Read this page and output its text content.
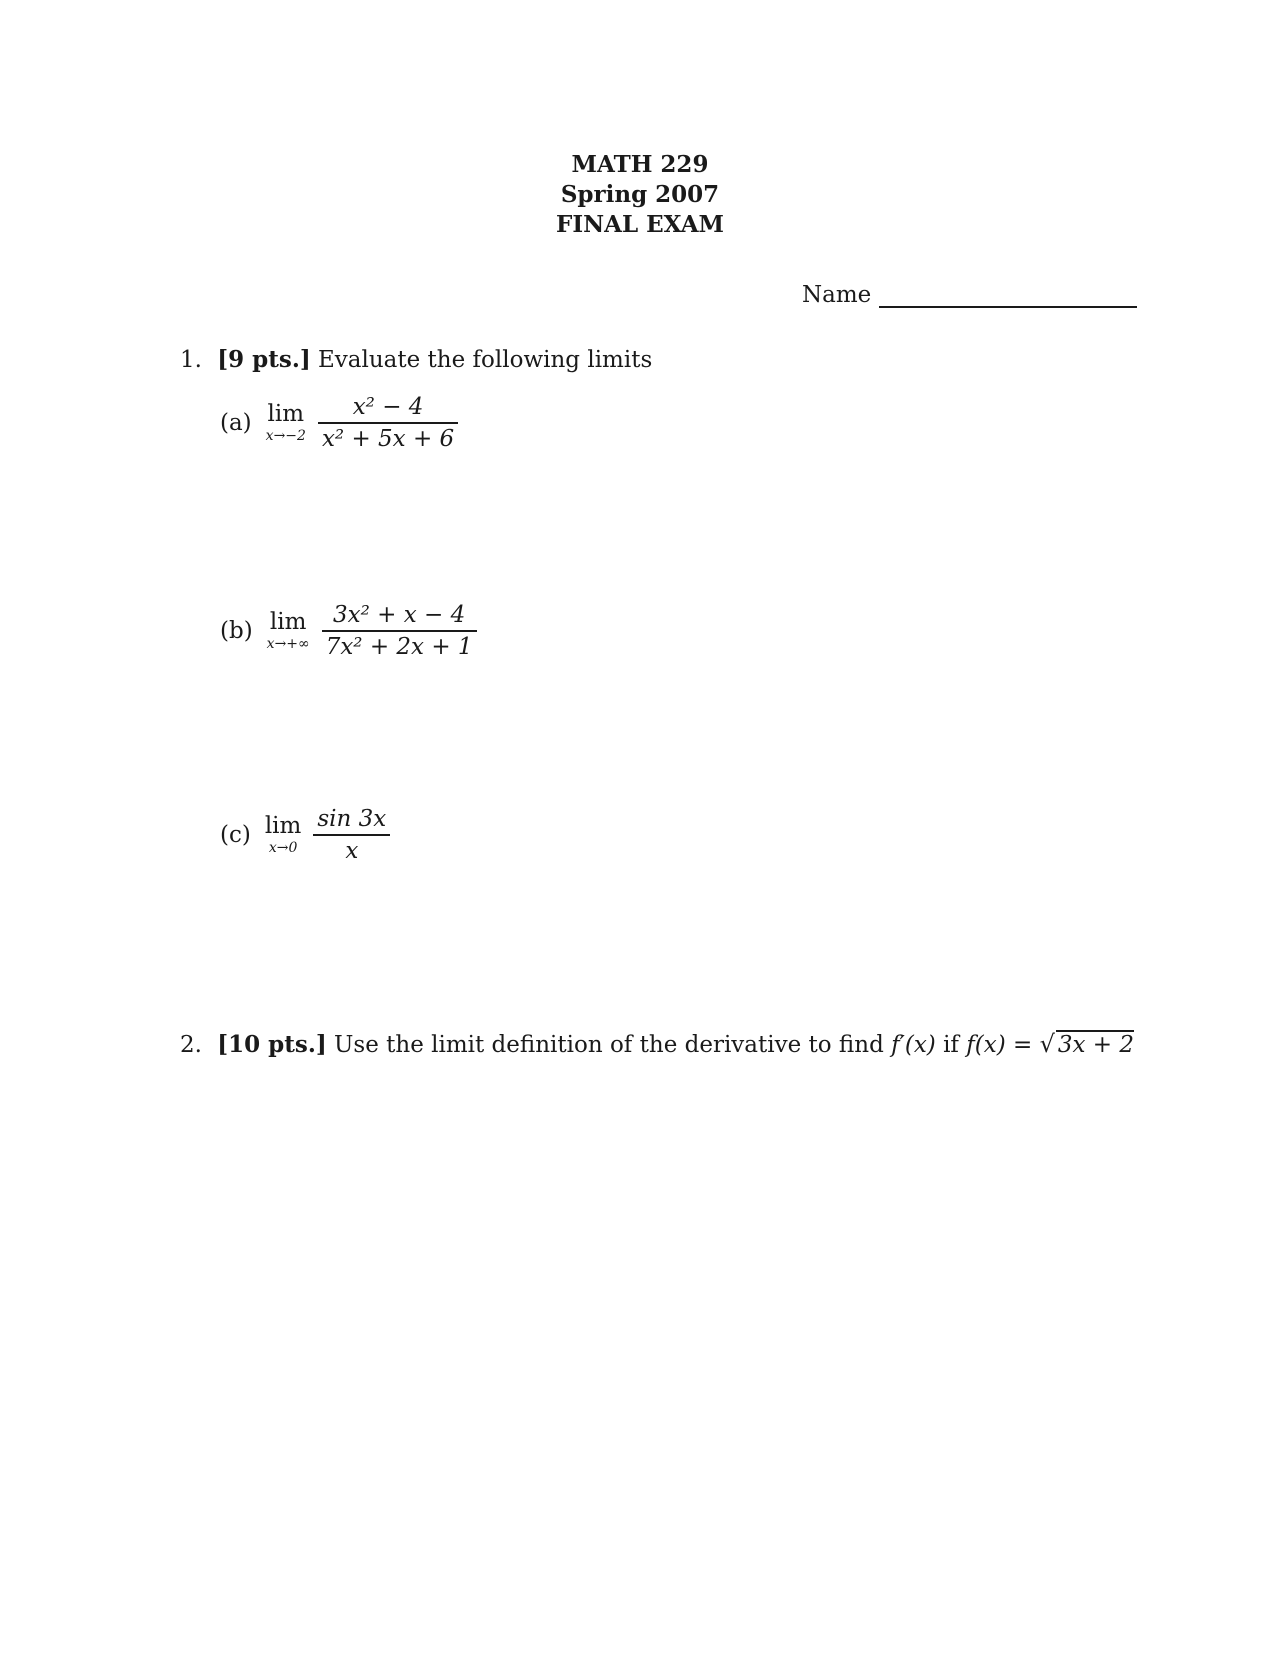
MATH 229
Spring 2007
FINAL EXAM
Name
1. [9 pts.] Evaluate the following limits
(a) lim
$x\to-2 \frac{\text{x² − 4}}{\text{x² + 5x + 6}}$
(b) lim
$x\to+\infty \frac{\text{3x² + x − 4}}{\text{7x² + 2x + 1}}$
(c) lim
$x\to 0 \frac{\sin 3x}{x}$
2. [10 pts.] Use the limit definition of the derivative to find f′(x) if f(x) = √ 3x + 2
